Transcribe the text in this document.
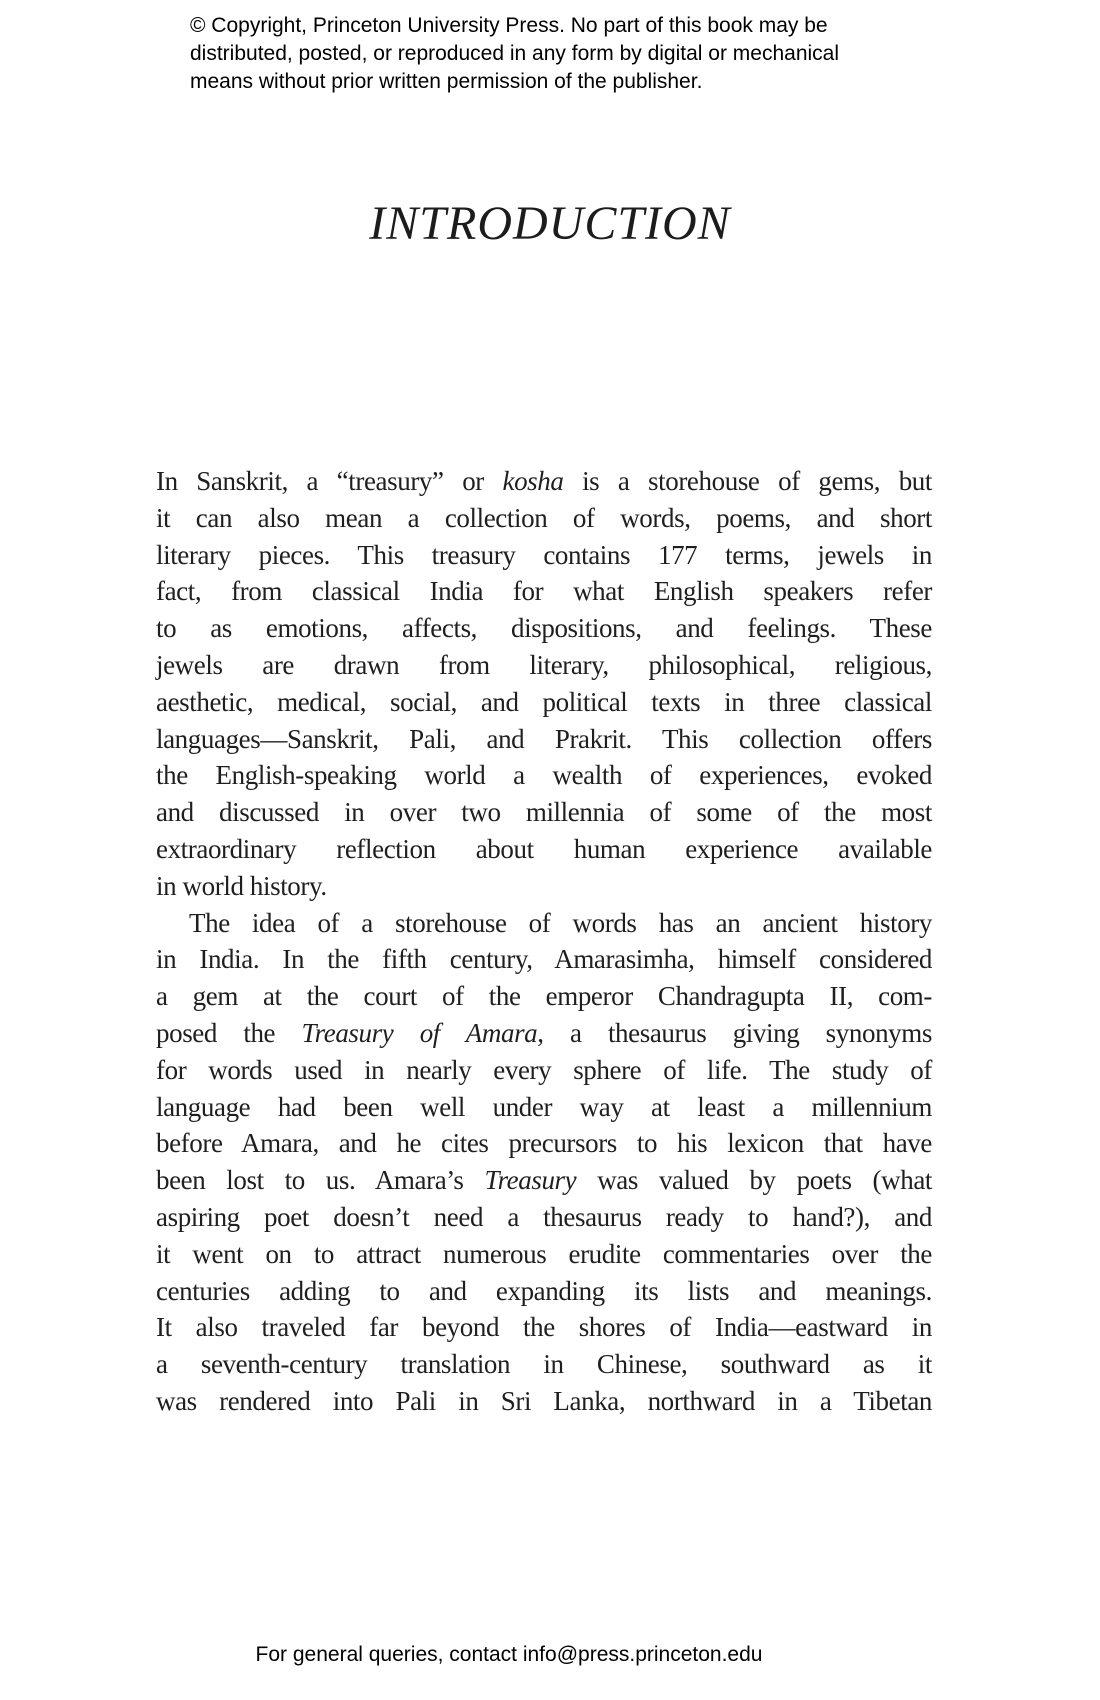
© Copyright, Princeton University Press. No part of this book may be
distributed, posted, or reproduced in any form by digital or mechanical
means without prior written permission of the publisher.
INTRODUCTION
In Sanskrit, a “treasury” or kosha is a storehouse of gems, but
it can also mean a collection of words, poems, and short
literary pieces. This treasury contains 177 terms, jewels in
fact, from classical India for what English speakers refer
to as emotions, affects, dispositions, and feelings. These
jewels are drawn from literary, philosophical, religious,
aesthetic, medical, social, and political texts in three classical
languages—Sanskrit, Pali, and Prakrit. This collection offers
the English-speaking world a wealth of experiences, evoked
and discussed in over two millennia of some of the most
extraordinary reflection about human experience available
in world history.
The idea of a storehouse of words has an ancient history
in India. In the fifth century, Amarasimha, himself considered
a gem at the court of the emperor Chandragupta II, com-
posed the Treasury of Amara, a thesaurus giving synonyms
for words used in nearly every sphere of life. The study of
language had been well under way at least a millennium
before Amara, and he cites precursors to his lexicon that have
been lost to us. Amara’s Treasury was valued by poets (what
aspiring poet doesn’t need a thesaurus ready to hand?), and
it went on to attract numerous erudite commentaries over the
centuries adding to and expanding its lists and meanings.
It also traveled far beyond the shores of India—eastward in
a seventh-century translation in Chinese, southward as it
was rendered into Pali in Sri Lanka, northward in a Tibetan
For general queries, contact info@press.princeton.edu
